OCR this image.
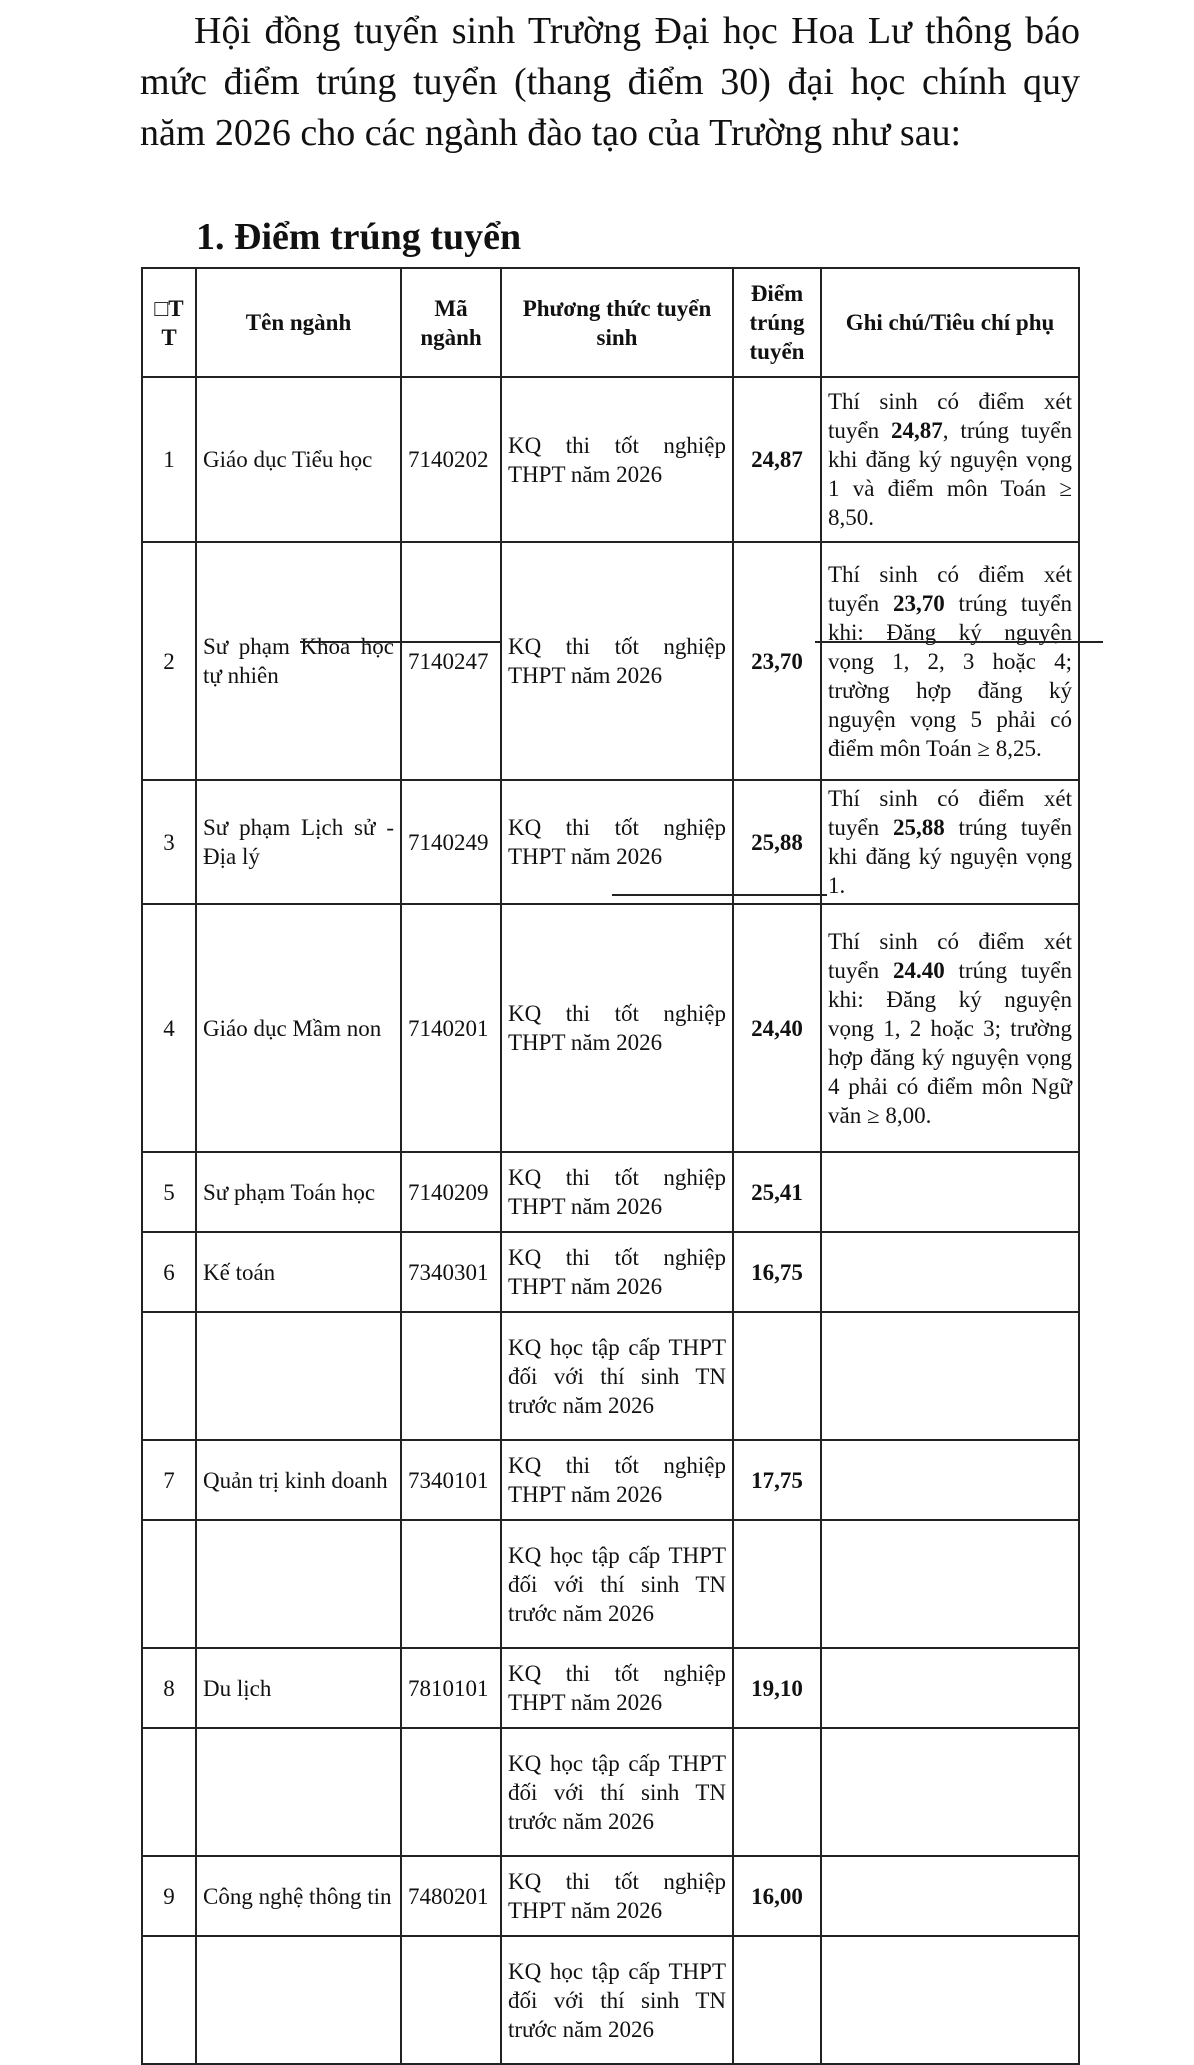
Hội đồng tuyển sinh Trường Đại học Hoa Lư thông báo mức điểm trúng tuyển (thang điểm 30) đại học chính quy năm 2026 cho các ngành đào tạo của Trường như sau:

1. Điểm trúng tuyển

□T T	Tên ngành	Mã ngành	Phương thức tuyển sinh	Điểm trúng tuyển	Ghi chú/Tiêu chí phụ
1	Giáo dục Tiểu học	7140202	KQ thi tốt nghiệp THPT năm 2026	24,87	Thí sinh có điểm xét tuyển 24,87, trúng tuyển khi đăng ký nguyện vọng 1 và điểm môn Toán ≥ 8,50.
2	Sư phạm Khoa học tự nhiên	7140247	KQ thi tốt nghiệp THPT năm 2026	23,70	Thí sinh có điểm xét tuyển 23,70 trúng tuyển khi: Đăng ký nguyện vọng 1, 2, 3 hoặc 4; trường hợp đăng ký nguyện vọng 5 phải có điểm môn Toán ≥ 8,25.
3	Sư phạm Lịch sử - Địa lý	7140249	KQ thi tốt nghiệp THPT năm 2026	25,88	Thí sinh có điểm xét tuyển 25,88 trúng tuyển khi đăng ký nguyện vọng 1.
4	Giáo dục Mầm non	7140201	KQ thi tốt nghiệp THPT năm 2026	24,40	Thí sinh có điểm xét tuyển 24.40 trúng tuyển khi: Đăng ký nguyện vọng 1, 2 hoặc 3; trường hợp đăng ký nguyện vọng 4 phải có điểm môn Ngữ văn ≥ 8,00.
5	Sư phạm Toán học	7140209	KQ thi tốt nghiệp THPT năm 2026	25,41	
6	Kế toán	7340301	KQ thi tốt nghiệp THPT năm 2026	16,75	
			KQ học tập cấp THPT đối với thí sinh TN trước năm 2026		
7	Quản trị kinh doanh	7340101	KQ thi tốt nghiệp THPT năm 2026	17,75	
			KQ học tập cấp THPT đối với thí sinh TN trước năm 2026		
8	Du lịch	7810101	KQ thi tốt nghiệp THPT năm 2026	19,10	
			KQ học tập cấp THPT đối với thí sinh TN trước năm 2026		
9	Công nghệ thông tin	7480201	KQ thi tốt nghiệp THPT năm 2026	16,00	
			KQ học tập cấp THPT đối với thí sinh TN trước năm 2026		
